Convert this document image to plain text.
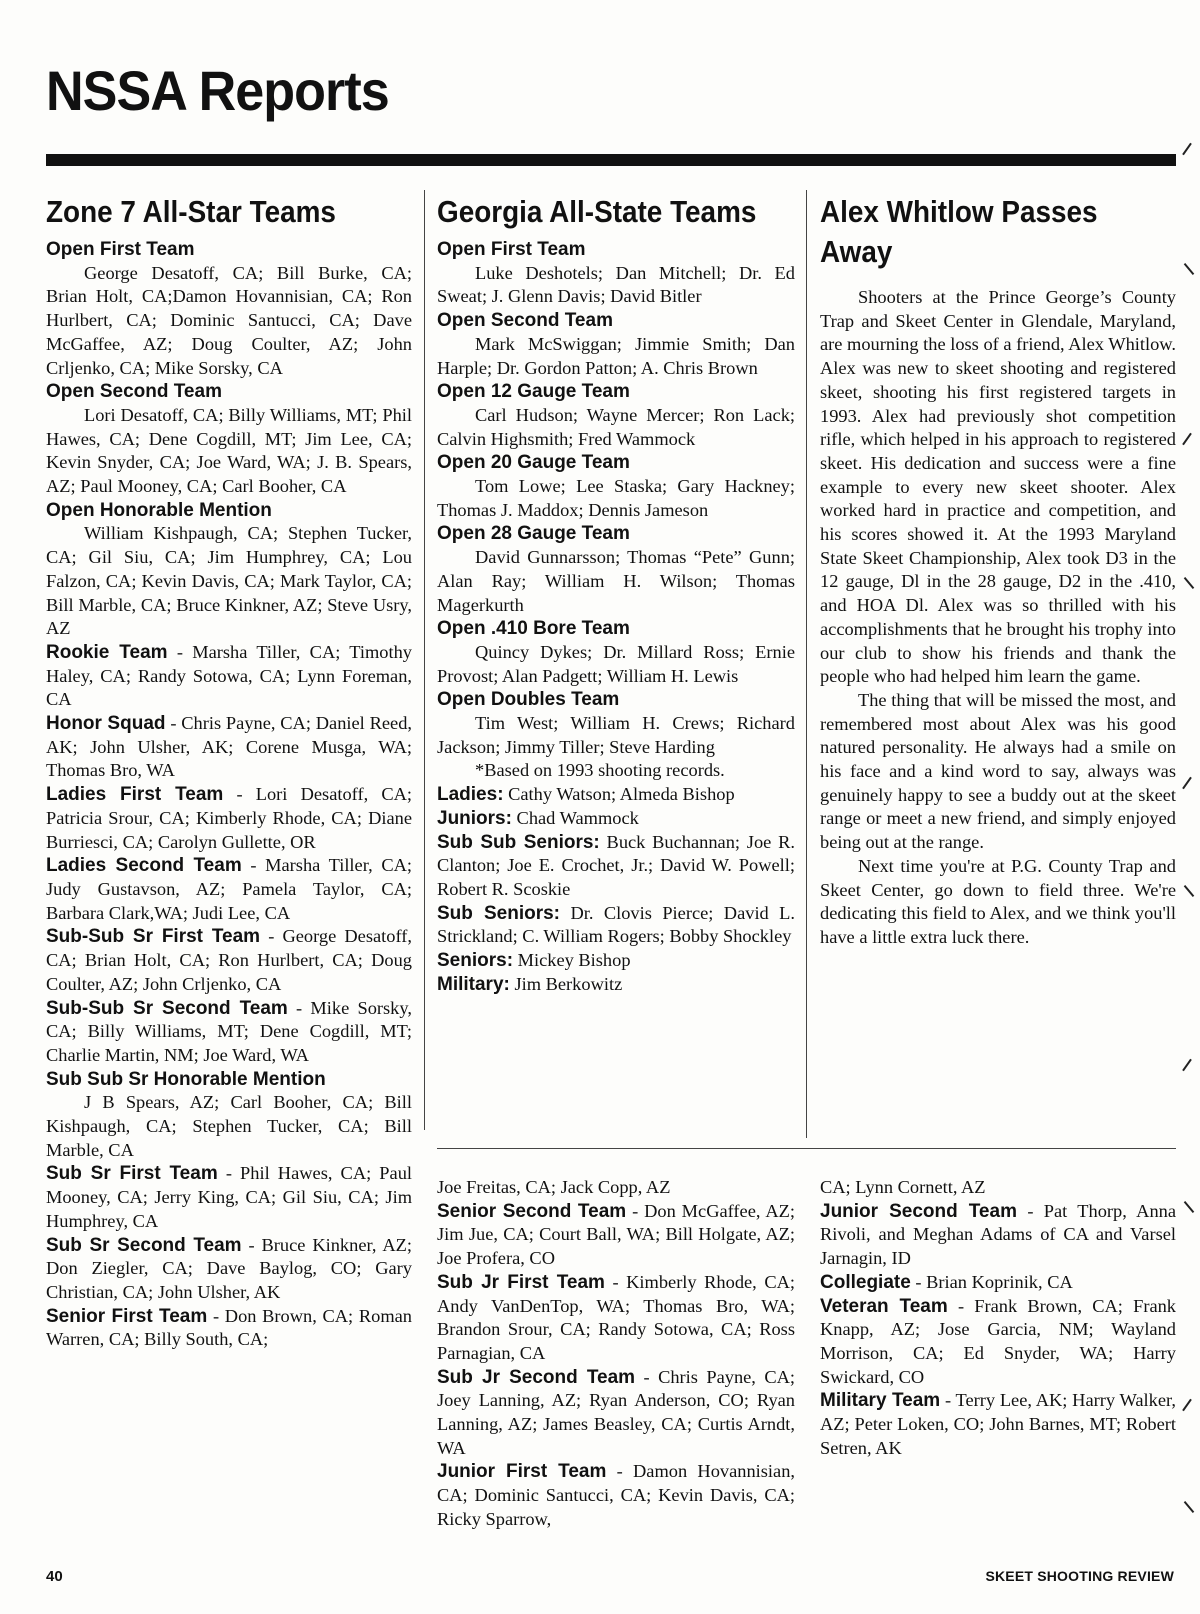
NSSA Reports
Zone 7 All-Star Teams
Open First Team

George Desatoff, CA; Bill Burke, CA; Brian Holt, CA;Damon Hovannisian, CA; Ron Hurlbert, CA; Dominic Santucci, CA; Dave McGaffee, AZ; Doug Coulter, AZ; John Crljenko, CA; Mike Sorsky, CA

Open Second Team

Lori Desatoff, CA; Billy Williams, MT; Phil Hawes, CA; Dene Cogdill, MT; Jim Lee, CA; Kevin Snyder, CA; Joe Ward, WA; J. B. Spears, AZ; Paul Mooney, CA; Carl Booher, CA

Open Honorable Mention

William Kishpaugh, CA; Stephen Tucker, CA; Gil Siu, CA; Jim Humphrey, CA; Lou Falzon, CA; Kevin Davis, CA; Mark Taylor, CA; Bill Marble, CA; Bruce Kinkner, AZ; Steve Usry, AZ

Rookie Team - Marsha Tiller, CA; Timothy Haley, CA; Randy Sotowa, CA; Lynn Foreman, CA

Honor Squad - Chris Payne, CA; Daniel Reed, AK; John Ulsher, AK; Corene Musga, WA; Thomas Bro, WA

Ladies First Team - Lori Desatoff, CA; Patricia Srour, CA; Kimberly Rhode, CA; Diane Burriesci, CA; Carolyn Gullette, OR

Ladies Second Team - Marsha Tiller, CA; Judy Gustavson, AZ; Pamela Taylor, CA; Barbara Clark,WA; Judi Lee, CA

Sub-Sub Sr First Team - George Desatoff, CA; Brian Holt, CA; Ron Hurlbert, CA; Doug Coulter, AZ; John Crljenko, CA

Sub-Sub Sr Second Team - Mike Sorsky, CA; Billy Williams, MT; Dene Cogdill, MT; Charlie Martin, NM; Joe Ward, WA

Sub Sub Sr Honorable Mention

J B Spears, AZ; Carl Booher, CA; Bill Kishpaugh, CA; Stephen Tucker, CA; Bill Marble, CA

Sub Sr First Team - Phil Hawes, CA; Paul Mooney, CA; Jerry King, CA; Gil Siu, CA; Jim Humphrey, CA

Sub Sr Second Team - Bruce Kinkner, AZ; Don Ziegler, CA; Dave Baylog, CO; Gary Christian, CA; John Ulsher, AK

Senior First Team - Don Brown, CA; Roman Warren, CA; Billy South, CA;

Georgia All-State Teams
Open First Team

Luke Deshotels; Dan Mitchell; Dr. Ed Sweat; J. Glenn Davis; David Bitler

Open Second Team

Mark McSwiggan; Jimmie Smith; Dan Harple; Dr. Gordon Patton; A. Chris Brown

Open 12 Gauge Team

Carl Hudson; Wayne Mercer; Ron Lack; Calvin Highsmith; Fred Wammock

Open 20 Gauge Team

Tom Lowe; Lee Staska; Gary Hackney; Thomas J. Maddox; Dennis Jameson

Open 28 Gauge Team

David Gunnarsson; Thomas “Pete” Gunn; Alan Ray; William H. Wilson; Thomas Magerkurth

Open .410 Bore Team

Quincy Dykes; Dr. Millard Ross; Ernie Provost; Alan Padgett; William H. Lewis

Open Doubles Team

Tim West; William H. Crews; Richard Jackson; Jimmy Tiller; Steve Harding

*Based on 1993 shooting records.

Ladies: Cathy Watson; Almeda Bishop

Juniors: Chad Wammock

Sub Sub Seniors: Buck Buchannan; Joe R. Clanton; Joe E. Crochet, Jr.; David W. Powell; Robert R. Scoskie

Sub Seniors: Dr. Clovis Pierce; David L. Strickland; C. William Rogers; Bobby Shockley

Seniors: Mickey Bishop

Military: Jim Berkowitz

Alex Whitlow Passes
Away

Shooters at the Prince George’s County Trap and Skeet Center in Glendale, Maryland, are mourning the loss of a friend, Alex Whitlow. Alex was new to skeet shooting and registered skeet, shooting his first registered targets in 1993. Alex had previously shot competition rifle, which helped in his approach to registered skeet. His dedication and success were a fine example to every new skeet shooter. Alex worked hard in practice and competition, and his scores showed it. At the 1993 Maryland State Skeet Championship, Alex took D3 in the 12 gauge, Dl in the 28 gauge, D2 in the .410, and HOA Dl. Alex was so thrilled with his accomplishments that he brought his trophy into our club to show his friends and thank the people who had helped him learn the game.

The thing that will be missed the most, and remembered most about Alex was his good natured personality. He always had a smile on his face and a kind word to say, always was genuinely happy to see a buddy out at the skeet range or meet a new friend, and simply enjoyed being out at the range.

Next time you're at P.G. County Trap and Skeet Center, go down to field three. We're dedicating this field to Alex, and we think you'll have a little extra luck there.

Joe Freitas, CA; Jack Copp, AZ

Senior Second Team - Don McGaffee, AZ; Jim Jue, CA; Court Ball, WA; Bill Holgate, AZ; Joe Profera, CO

Sub Jr First Team - Kimberly Rhode, CA; Andy VanDenTop, WA; Thomas Bro, WA; Brandon Srour, CA; Randy Sotowa, CA; Ross Parnagian, CA

Sub Jr Second Team - Chris Payne, CA; Joey Lanning, AZ; Ryan Anderson, CO; Ryan Lanning, AZ; James Beasley, CA; Curtis Arndt, WA

Junior First Team - Damon Hovannisian, CA; Dominic Santucci, CA; Kevin Davis, CA; Ricky Sparrow,

CA; Lynn Cornett, AZ

Junior Second Team - Pat Thorp, Anna Rivoli, and Meghan Adams of CA and Varsel Jarnagin, ID

Collegiate - Brian Koprinik, CA

Veteran Team - Frank Brown, CA; Frank Knapp, AZ; Jose Garcia, NM; Wayland Morrison, CA; Ed Snyder, WA; Harry Swickard, CO

Military Team - Terry Lee, AK; Harry Walker, AZ; Peter Loken, CO; John Barnes, MT; Robert Setren, AK

40	SKEET SHOOTING REVIEW
